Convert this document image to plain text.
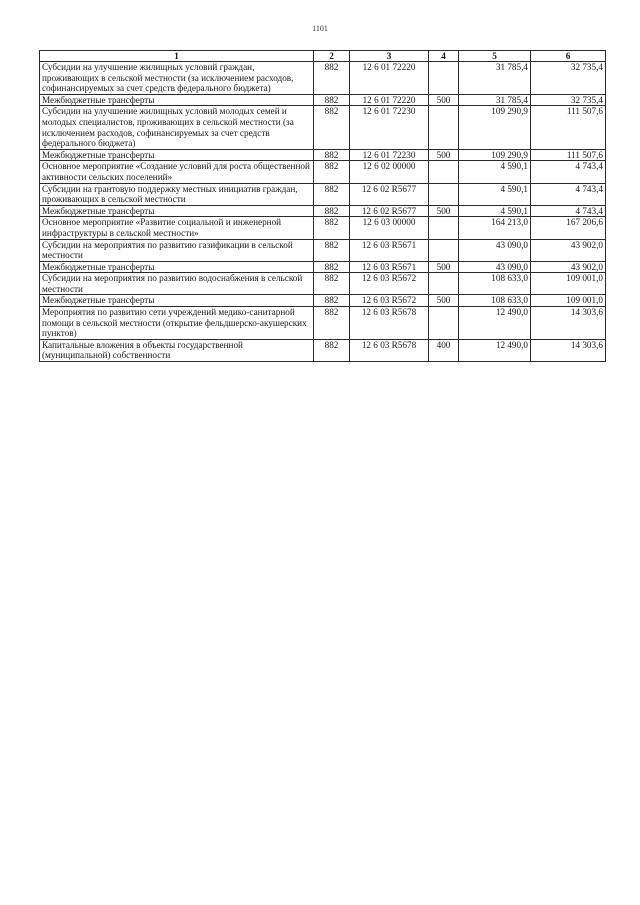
1101
1	2	3	4	5	6
Субсидии на улучшение жилищных условий граждан, проживающих в сельской местности (за исключением расходов, софинансируемых за счет средств федерального бюджета)	882	12 6 01 72220		31 785,4	32 735,4
Межбюджетные трансферты	882	12 6 01 72220	500	31 785,4	32 735,4
Субсидии на улучшение жилищных условий молодых семей и молодых специалистов, проживающих в сельской местности (за исключением расходов, софинансируемых за счет средств федерального бюджета)	882	12 6 01 72230		109 290,9	111 507,6
Межбюджетные трансферты	882	12 6 01 72230	500	109 290,9	111 507,6
Основное мероприятие «Создание условий для роста общественной активности сельских поселений»	882	12 6 02 00000		4 590,1	4 743,4
Субсидии на грантовую поддержку местных инициатив граждан, проживающих в сельской местности	882	12 6 02 R5677		4 590,1	4 743,4
Межбюджетные трансферты	882	12 6 02 R5677	500	4 590,1	4 743,4
Основное мероприятие «Развитие социальной и инженерной инфраструктуры в сельской местности»	882	12 6 03 00000		164 213,0	167 206,6
Субсидии на мероприятия по развитию газификации в сельской местности	882	12 6 03 R5671		43 090,0	43 902,0
Межбюджетные трансферты	882	12 6 03 R5671	500	43 090,0	43 902,0
Субсидии на мероприятия по развитию водоснабжения в сельской местности	882	12 6 03 R5672		108 633,0	109 001,0
Межбюджетные трансферты	882	12 6 03 R5672	500	108 633,0	109 001,0
Мероприятия по развитию сети учреждений медико-санитарной помощи в сельской местности (открытие фельдшерско-акушерских пунктов)	882	12 6 03 R5678		12 490,0	14 303,6
Капитальные вложения в объекты государственной (муниципальной) собственности	882	12 6 03 R5678	400	12 490,0	14 303,6
